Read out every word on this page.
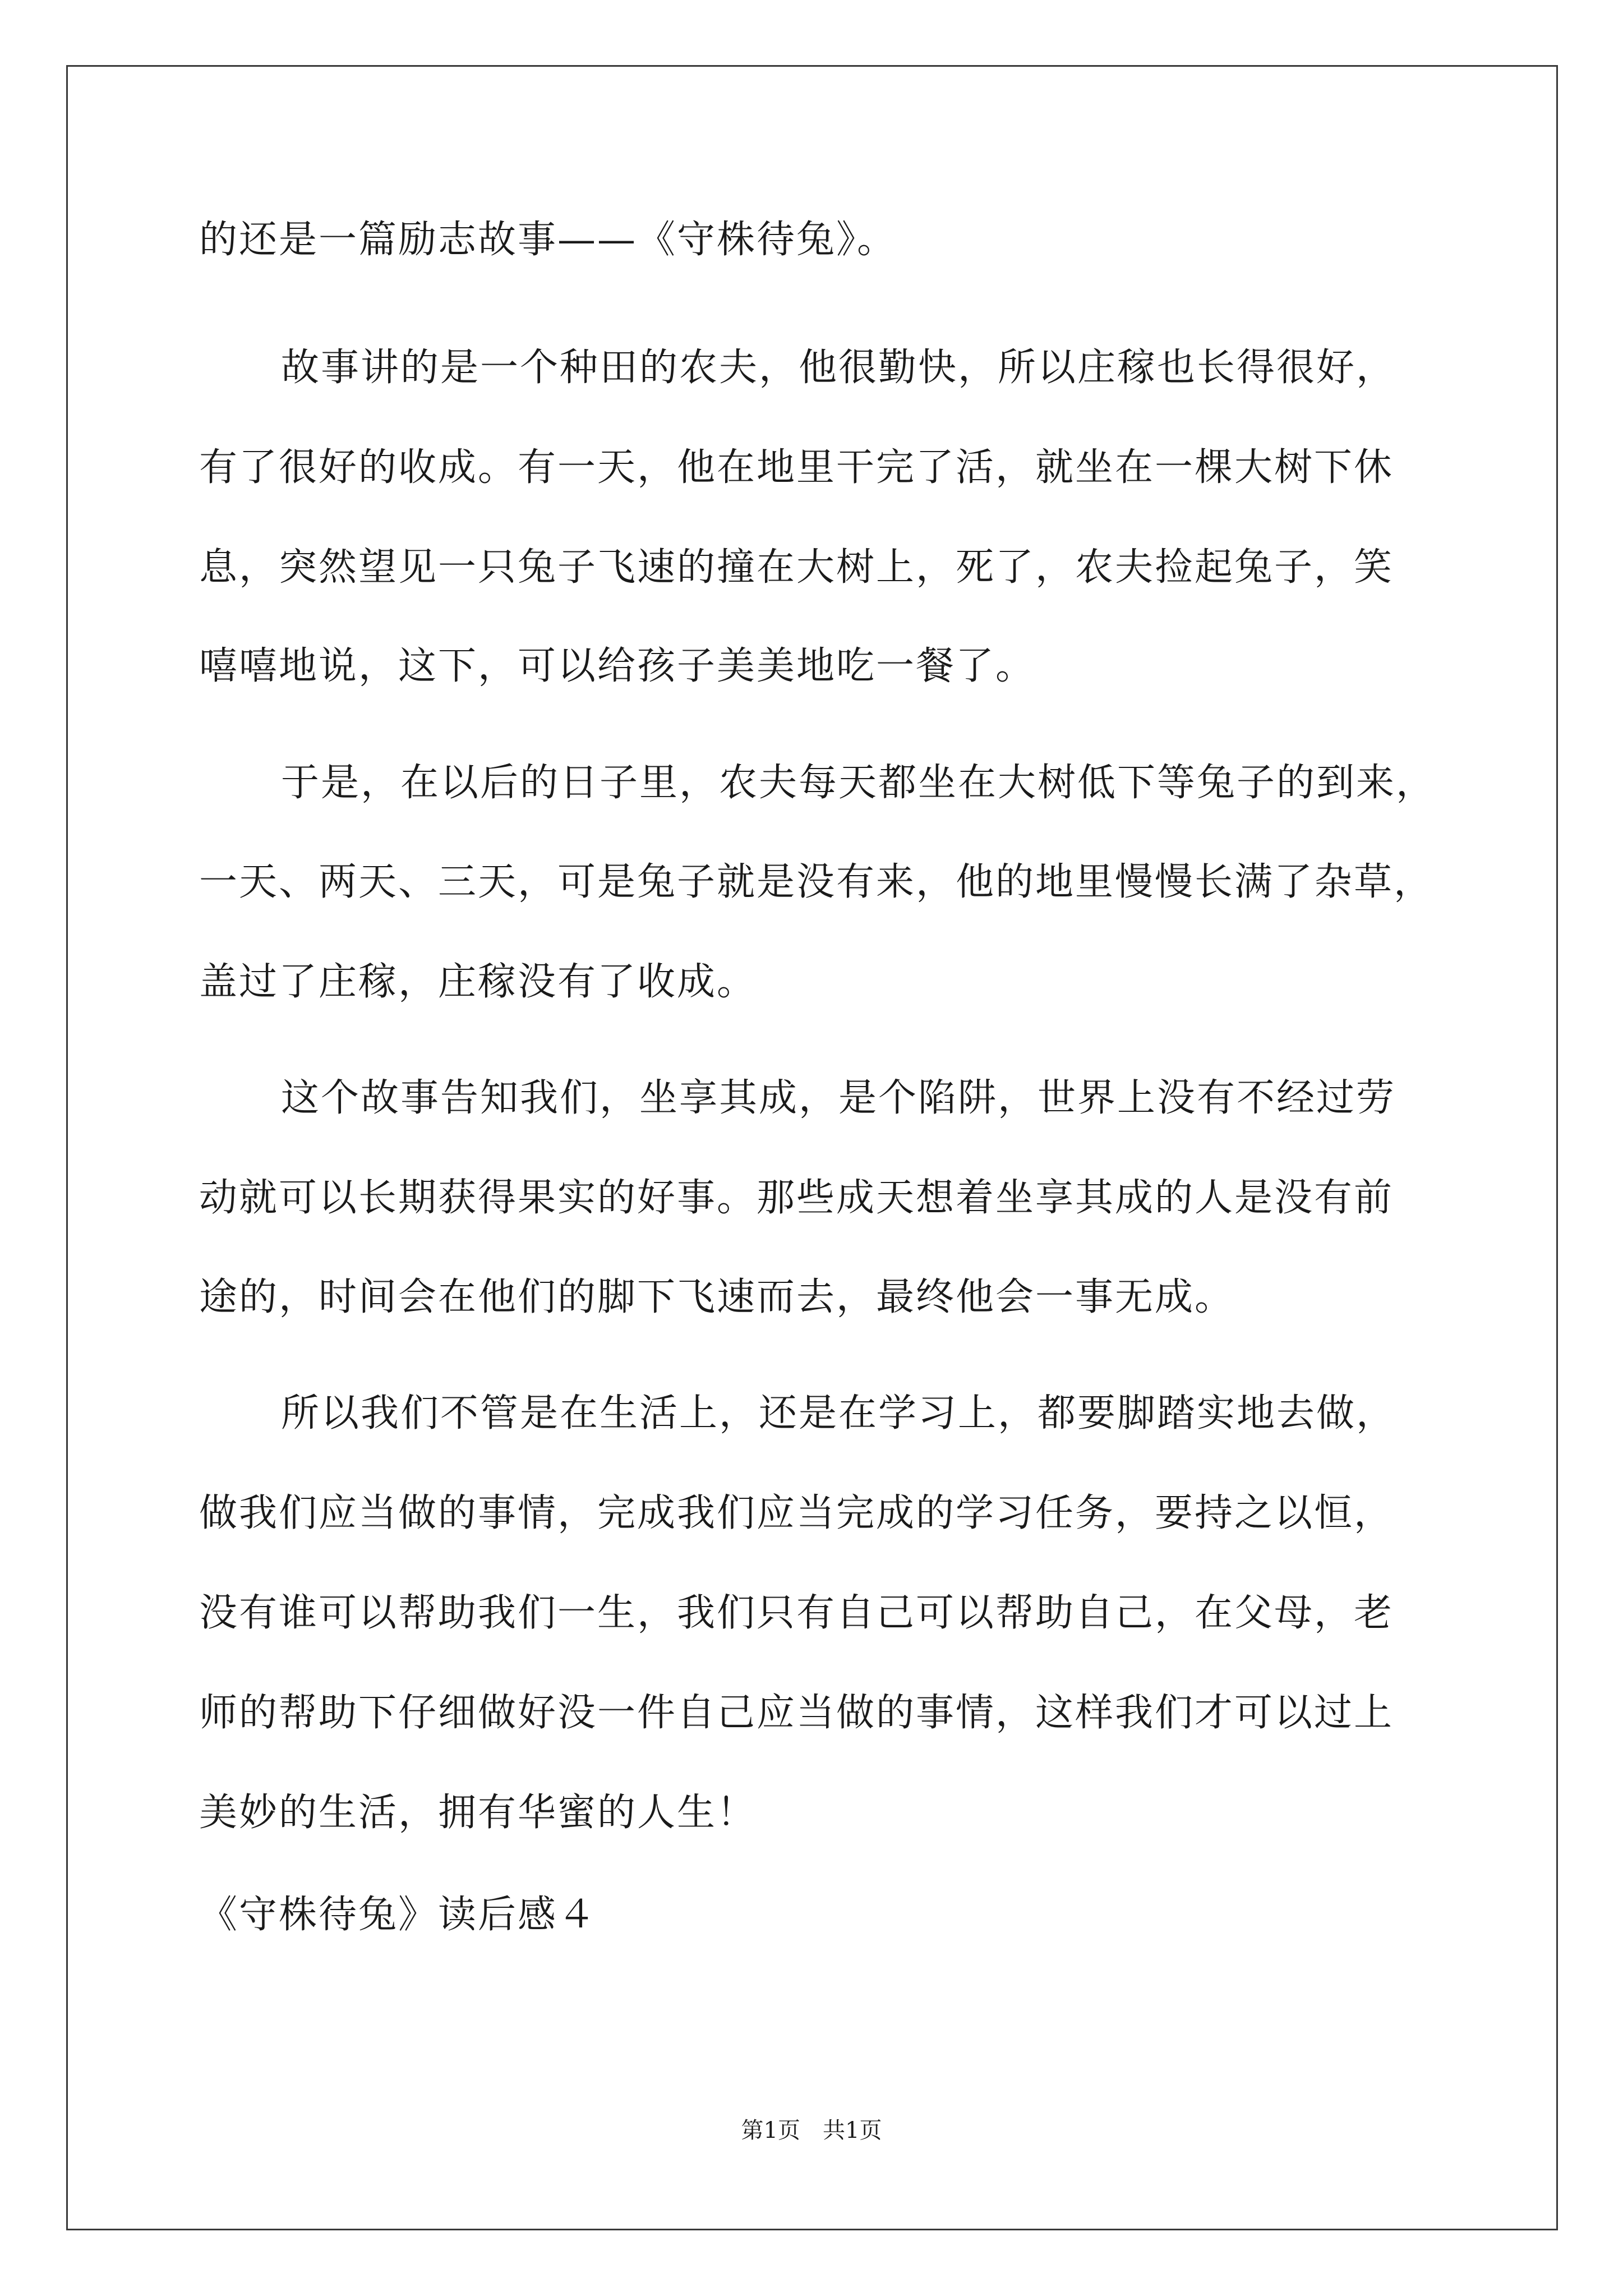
的还是一篇励志故事——《守株待兔》。
故事讲的是一个种田的农夫，他很勤快，所以庄稼也长得很好，
有了很好的收成。有一天，他在地里干完了活，就坐在一棵大树下休
息，突然望见一只兔子飞速的撞在大树上，死了，农夫捡起兔子，笑
嘻嘻地说，这下，可以给孩子美美地吃一餐了。
于是，在以后的日子里，农夫每天都坐在大树低下等兔子的到来，
一天、两天、三天，可是兔子就是没有来，他的地里慢慢长满了杂草，
盖过了庄稼，庄稼没有了收成。
这个故事告知我们，坐享其成，是个陷阱，世界上没有不经过劳
动就可以长期获得果实的好事。那些成天想着坐享其成的人是没有前
途的，时间会在他们的脚下飞速而去，最终他会一事无成。
所以我们不管是在生活上，还是在学习上，都要脚踏实地去做，
做我们应当做的事情，完成我们应当完成的学习任务，要持之以恒，
没有谁可以帮助我们一生，我们只有自己可以帮助自己，在父母，老
师的帮助下仔细做好没一件自己应当做的事情，这样我们才可以过上
美妙的生活，拥有华蜜的人生！
《守株待兔》读后感４
第1页　共1页
